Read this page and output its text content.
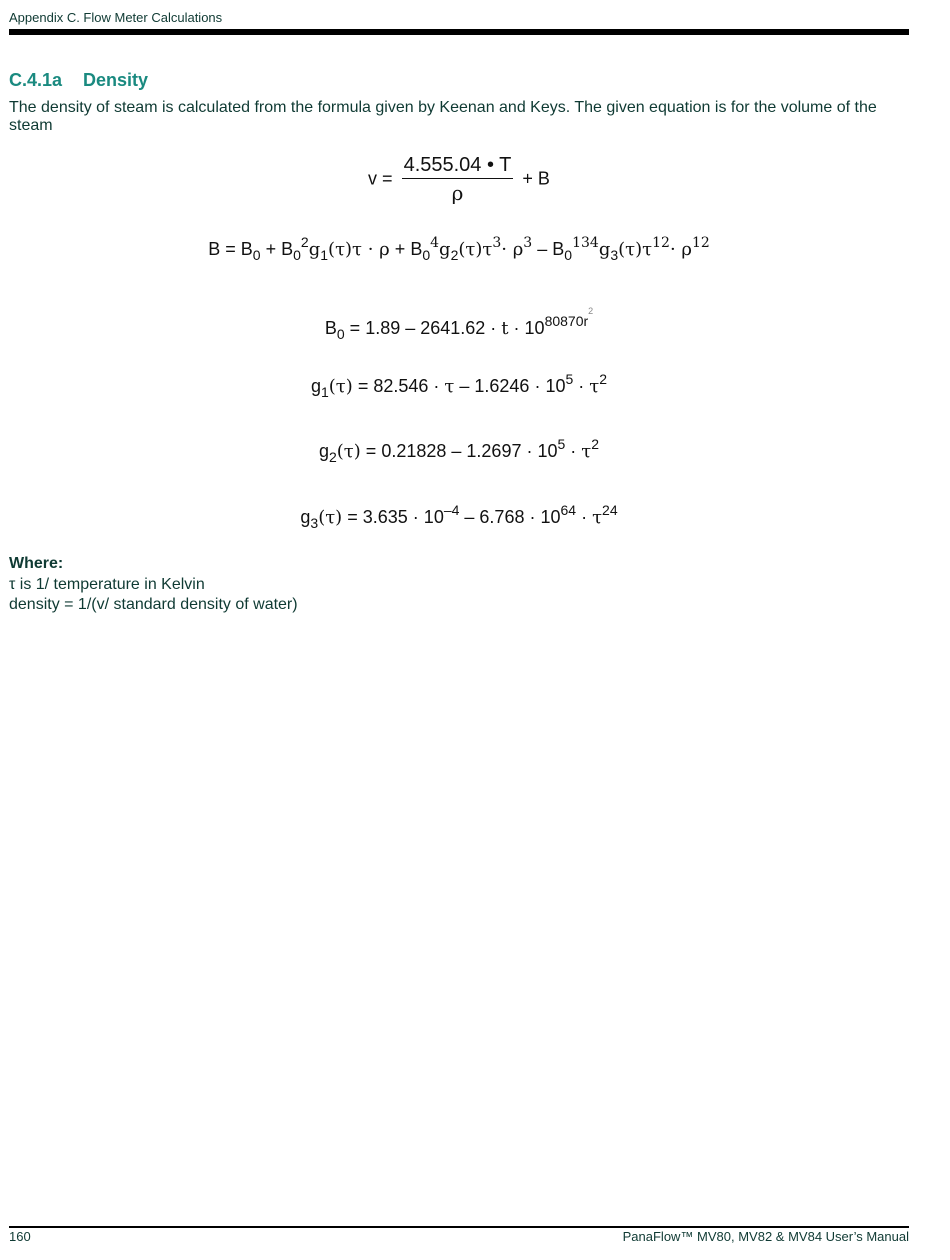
Appendix C. Flow Meter Calculations
C.4.1a Density
The density of steam is calculated from the formula given by Keenan and Keys. The given equation is for the volume of the steam
$v = \frac{4.555.04 • T}{\rho} + B$
$B = B_0 + B_0^2g_1(\tau)\tau \cdot \rho + B_0^4g_2(\tau)\tau^3\cdot \rho^3 - B_0^{134}g_3(\tau)\tau^{12}\cdot \rho^{12}$
$B_0 = 1.89 - 2641.62 \cdot t \cdot 10^{80870r^2}$
$g_1(\tau) = 82.546 \cdot \tau - 1.6246 \cdot 10^5 \cdot \tau^2$
$g_2(\tau) = 0.21828 - 1.2697 \cdot 10^5 \cdot \tau^2$
$g_3(\tau) = 3.635 \cdot 10^{-4} - 6.768 \cdot 10^{64} \cdot \tau^{24}$
Where:
τ is 1/ temperature in Kelvin
density = 1/(v/ standard density of water)
160	PanaFlow™ MV80, MV82 & MV84 User’s Manual
